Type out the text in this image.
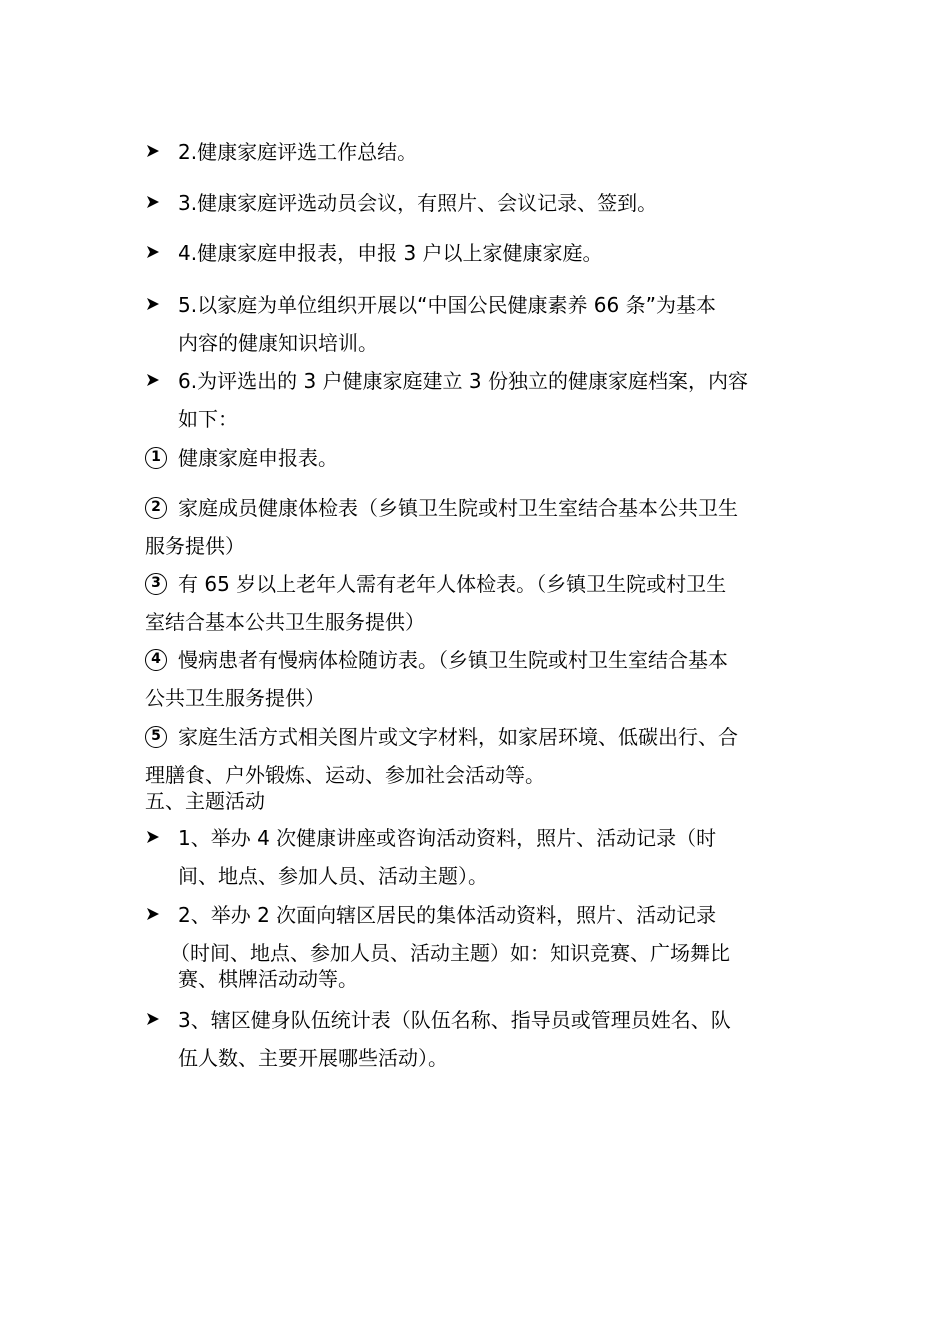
2.健康家庭评选工作总结。
3.健康家庭评选动员会议，有照片、会议记录、签到。
4.健康家庭申报表，申报 3 户以上家健康家庭。
5.以家庭为单位组织开展以“中国公民健康素养 66 条”为基本
内容的健康知识培训。
6.为评选出的 3 户健康家庭建立 3 份独立的健康家庭档案，内容
如下：
1 健康家庭申报表。
2 家庭成员健康体检表（乡镇卫生院或村卫生室结合基本公共卫生
服务提供）
3 有 65 岁以上老年人需有老年人体检表。（乡镇卫生院或村卫生
室结合基本公共卫生服务提供）
4 慢病患者有慢病体检随访表。（乡镇卫生院或村卫生室结合基本
公共卫生服务提供）
5 家庭生活方式相关图片或文字材料，如家居环境、低碳出行、合
理膳食、户外锻炼、运动、参加社会活动等。
五、主题活动
1、举办 4 次健康讲座或咨询活动资料，照片、活动记录（时
间、地点、参加人员、活动主题）。
2、举办 2 次面向辖区居民的集体活动资料，照片、活动记录
（时间、地点、参加人员、活动主题）如：知识竞赛、广场舞比
赛、棋牌活动动等。
3、辖区健身队伍统计表（队伍名称、指导员或管理员姓名、队
伍人数、主要开展哪些活动）。
